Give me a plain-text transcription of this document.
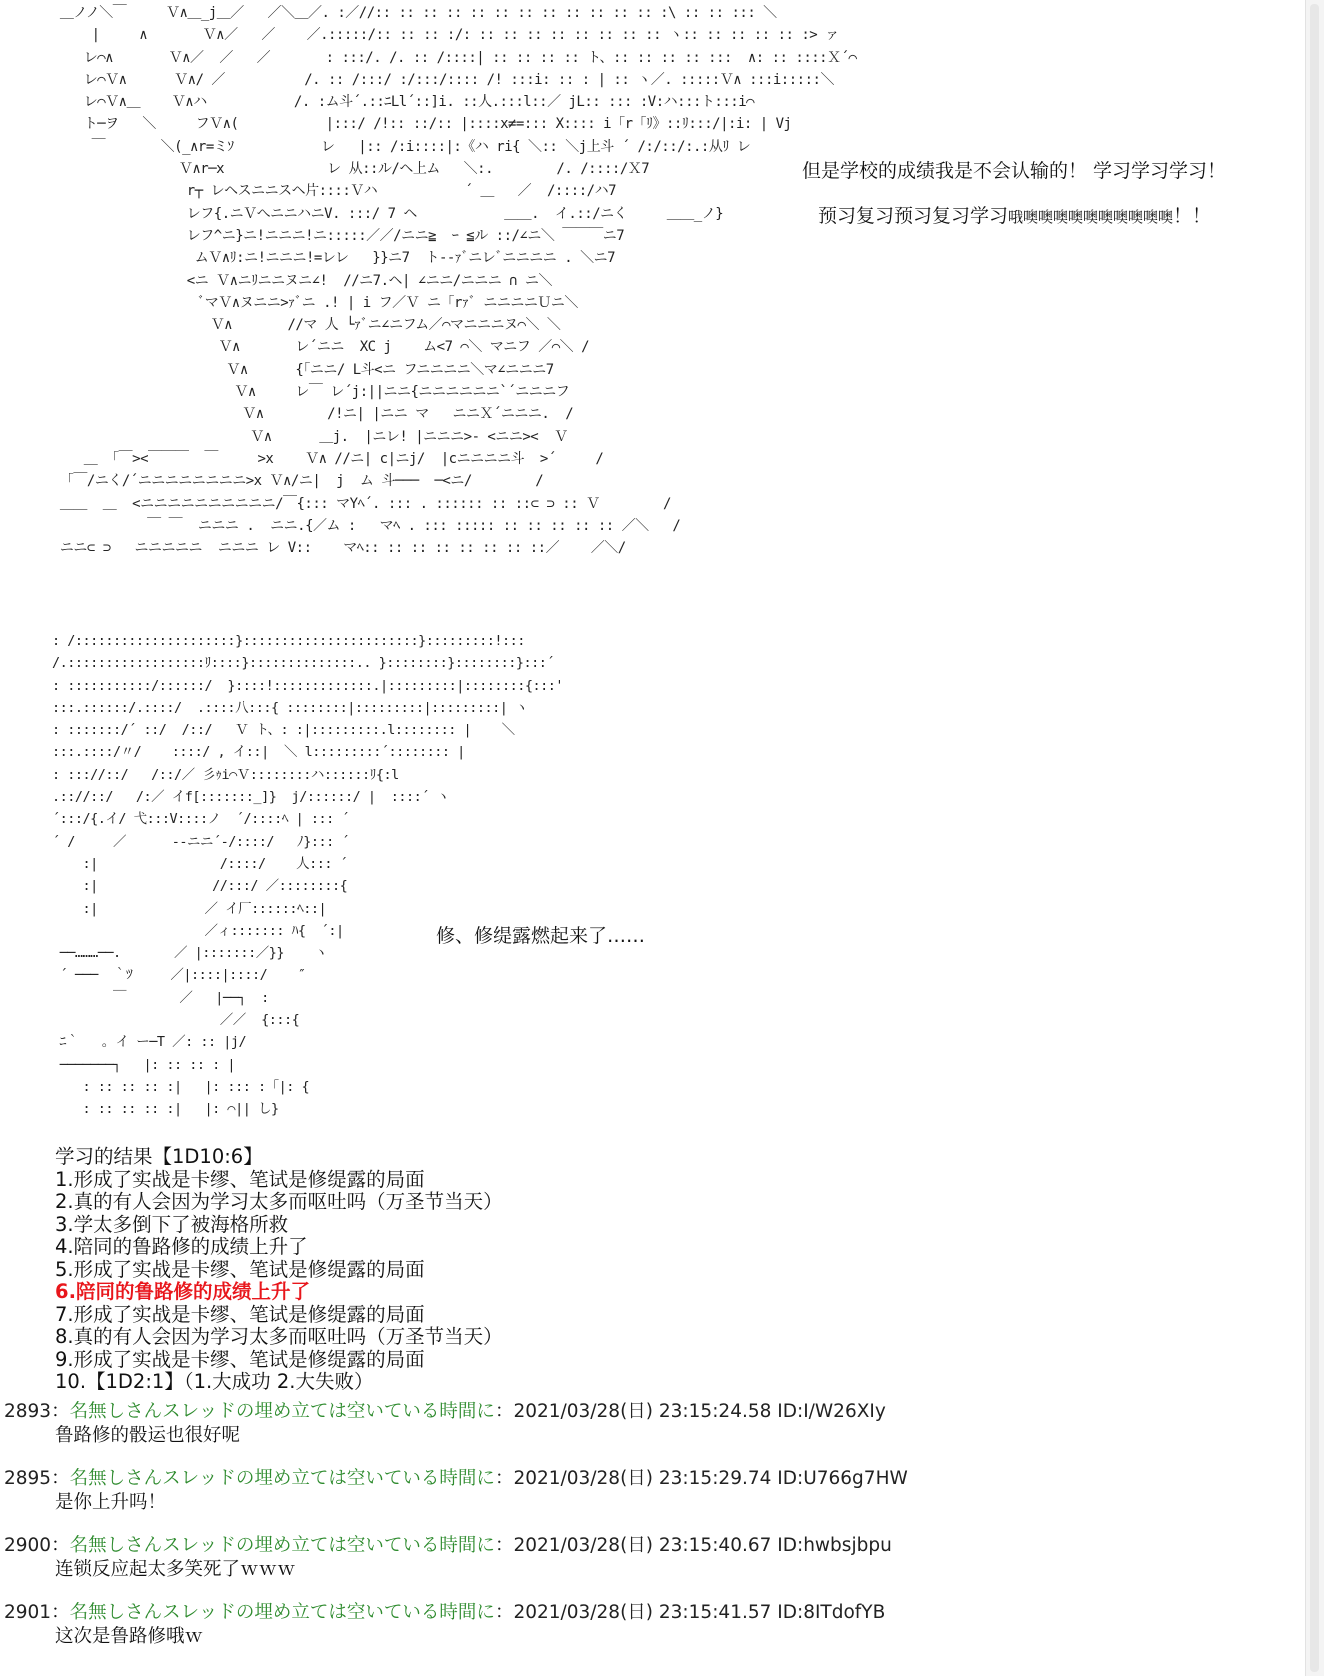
＿ノノ＼￣     Ｖ∧＿_j＿／   ／＼＿／. :／//:: :: :: :: :: :: :: :: :: :: :: :: :\ :: :: ::: ＼
|     ∧       Ｖ∧／   ／    ／.:::::/:: :: :: :/: :: :: :: :: :: :: :: :: ヽ:: :: :: :: :: :> ァ
レ⌒∧       Ｖ∧／  ／   ／       : :::/. /. :: /::::| :: :: :: :: ト、:: :: :: :: :::  ∧: :: ::::Ｘ´⌒
レ⌒Ｖ∧      Ｖ∧/ ／          /. :: /:::/ :/:::/:::: /! :::i: :: : | :: ヽ／. :::::Ｖ∧ :::i:::::＼
レ⌒Ｖ∧＿    Ｖ∧ハ           /. :ム斗´.::ﾆLl´::]i. ::人.:::l::／ jL:: ::: :V:ハ:::ト:::i⌒
ト─ヲ   ＼     フＶ∧(           |:::/ /!:: ::/:: |::::x≠=::: X:::: i「r「ﾘ》::ﾘ:::/|:i: | Vj
￣       ＼(_∧r=ミｿ           レ   |:: /:i::::|:《ハ ri{ ＼:: ＼j上斗 ´ /:/::/:.:从ﾘ レ
Ｖ∧r─x             レ 从::ル/ヘ上ム   ＼:.        /. /::::/Ｘ7
r┬ レヘスニニスヘ片::::Ｖハ           ´ ＿   ／  /::::/ハ7
レフ{.ニＶへニニハニV. :::/ 7 ヘ           ＿＿.  イ.::/ニく     ＿＿_ノ}
レフ^ニ}ニ!ニニニ!ニ:::::／／/ニニ≧  ｰ ≦ル ::/∠ニ＼ ￣￣￣ニ7
ムＶ∧ﾘ:ニ!ニニニ!=レレ   }}ニ7  ト-‐ｧﾞニレﾞニニニニ . ＼ニ7
<ニ Ｖ∧ニﾘニニヌニ∠!  //ニ7.ヘ| ∠ニニ/ニニニ ∩ ニ＼
ﾞマＶ∧ヌニニ>ｧﾞニ .! | i フ／Ｖ ニ「rｧﾞ ニニニニＵニ＼
Ｖ∧       //マ 人 └ｧﾞニ∠ニフム／⌒マニニニヌ⌒＼ ＼
Ｖ∧       レ´ニニ  XC j    ム<7 ⌒＼ マニフ ／⌒＼ /
Ｖ∧      {「ニニ/ L斗<ニ フニニニニ＼マ∠ニニニ7
Ｖ∧     レ￣ レ´j:||ニニ{ニニニニニニ`´ニニニフ
Ｖ∧        /!ニ| |ニニ マ   ニニＸ´ニニニ.  /
Ｖ∧      ＿j.  |ニレ! |ニニニ>- <ニニ><  Ｖ
＿ 「￣><￣￣￣  ￣     >x    Ｖ∧ //ニ| c|ニj/  |cニニニニ斗  >´     /
「￣/ニく/´ニニニニニニニニ>x Ｖ∧/ニ|  j  ム 斗───  ─<ニ/        /
＿＿  ＿  <ニニニニニニニニニニ/￣{::: マYﾍ´. ::: . :::::: :: ::⊂ ⊃ :: Ｖ        /
￣ ￣  ニニニ .  ニニ.{／ム :   マﾍ . ::: ::::: :: :: :: :: :: ／＼   /
ニニ⊂ ⊃   ニニニニニ  ニニニ レ V::    マﾍ:: :: :: :: :: :: :: ::／    ／＼/
但是学校的成绩我是不会认输的！ 学习学习学习！
预习复习预习复习学习哦噢噢噢噢噢噢噢噢噢噢！！
: /:::::::::::::::::::::}:::::::::::::::::::::::}:::::::::!:::
/.::::::::::::::::::ﾘ::::}::::::::::::::.. }::::::::}::::::::}:::´
: :::::::::::/::::::/  }::::!:::::::::::::.|:::::::::|::::::::{:::'
:::.::::::/.::::/  .::::八:::{ ::::::::|:::::::::|:::::::::| ヽ
: :::::::/´ ::/  /::/   Ｖ ト、: :|:::::::::.l:::::::: |    ＼
:::.::::/〃/    ::::/ , イ::|  ＼ l:::::::::´:::::::: |
: ::://::/   /::/／ 彡ｩi⌒Ｖ::::::::ハ::::::ﾘ{:l
.:://::/   /:／ イf[:::::::_]}  j/::::::/ |  ::::´ ヽ
´:::/{.イ/ 弋:::V::::ノ  ´/::::ﾍ | ::: ´
´ /     ／      ‐‐ニニ´‐/::::/   ﾉ}::: ´
:|                /::::/    人::: ´
:|               //:::/ ／::::::::{
:|              ／ イ厂::::::ﾍ::|
／ィ::::::: ﾊ{  ´:|
──………──.       ／ |:::::::／}}    ヽ
´ ───  ｀ﾂ     ／|::::|::::/    ″
￣       ／   |──┐  :
／／  {:::{
ﾆ｀   ｡ イ ー─T ／: :: |j/
───────┐   |: :: :: : |
: :: :: :: :|   |: ::: :「|: {
: :: :: :: :|   |: ⌒|| し}
修、修缇露燃起来了……
学习的结果【1D10:6】
1.形成了实战是卡缪、笔试是修缇露的局面
2.真的有人会因为学习太多而呕吐吗（万圣节当天）
3.学太多倒下了被海格所救
4.陪同的鲁路修的成绩上升了
5.形成了实战是卡缪、笔试是修缇露的局面
6.陪同的鲁路修的成绩上升了
7.形成了实战是卡缪、笔试是修缇露的局面
8.真的有人会因为学习太多而呕吐吗（万圣节当天）
9.形成了实战是卡缪、笔试是修缇露的局面
10.【1D2:1】（1.大成功 2.大失败）
2893：名無しさんスレッドの埋め立ては空いている時間に：2021/03/28(日) 23:15:24.58 ID:I/W26XIy
鲁路修的骰运也很好呢
2895：名無しさんスレッドの埋め立ては空いている時間に：2021/03/28(日) 23:15:29.74 ID:U766g7HW
是你上升吗！
2900：名無しさんスレッドの埋め立ては空いている時間に：2021/03/28(日) 23:15:40.67 ID:hwbsjbpu
连锁反应起太多笑死了ｗｗｗ
2901：名無しさんスレッドの埋め立ては空いている時間に：2021/03/28(日) 23:15:41.57 ID:8ITdofYB
这次是鲁路修哦ｗ
